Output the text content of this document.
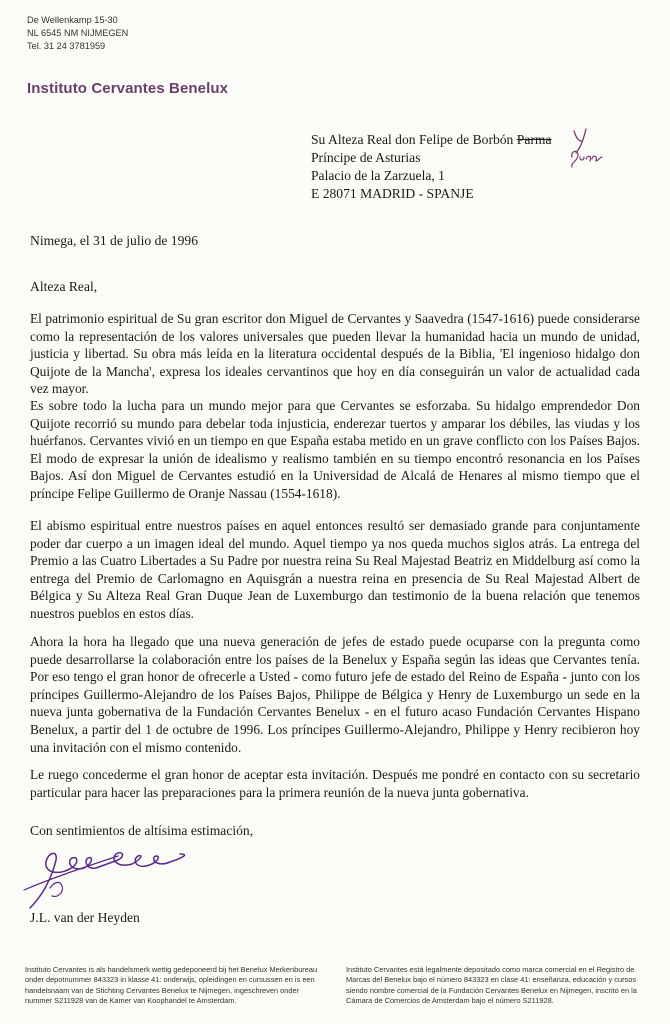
De Wellenkamp 15-30
NL 6545 NM NIJMEGEN
Tel. 31 24 3781959
Instituto Cervantes Benelux
Su Alteza Real don Felipe de Borbón Parma
Príncipe de Asturias
Palacio de la Zarzuela, 1
E 28071 MADRID - SPANJE
Nimega, el 31 de julio de 1996
Alteza Real,

El patrimonio espiritual de Su gran escritor don Miguel de Cervantes y Saavedra (1547-1616) puede considerarse como la representación de los valores universales que pueden llevar la humanidad hacia un mundo de unidad, justicia y libertad. Su obra más leída en la literatura occidental después de la Biblia, 'El ingenioso hidalgo don Quijote de la Mancha', expresa los ideales cervantinos que hoy en día conseguirán un valor de actualidad cada vez mayor.

Es sobre todo la lucha para un mundo mejor para que Cervantes se esforzaba. Su hidalgo emprendedor Don Quijote recorrió su mundo para debelar toda injusticia, enderezar tuertos y amparar los débiles, las viudas y los huérfanos. Cervantes vivió en un tiempo en que España estaba metido en un grave conflicto con los Países Bajos. El modo de expresar la unión de idealismo y realismo también en su tiempo encontró resonancia en los Países Bajos. Así don Miguel de Cervantes estudió en la Universidad de Alcalá de Henares al mismo tiempo que el príncipe Felipe Guillermo de Oranje Nassau (1554-1618).

El abismo espiritual entre nuestros países en aquel entonces resultó ser demasiado grande para conjuntamente poder dar cuerpo a un imagen ideal del mundo. Aquel tiempo ya nos queda muchos siglos atrás. La entrega del Premio a las Cuatro Libertades a Su Padre por nuestra reina Su Real Majestad Beatriz en Middelburg así como la entrega del Premio de Carlomagno en Aquisgrán a nuestra reina en presencia de Su Real Majestad Albert de Bélgica y Su Alteza Real Gran Duque Jean de Luxemburgo dan testimonio de la buena relación que tenemos nuestros pueblos en estos días.

Ahora la hora ha llegado que una nueva generación de jefes de estado puede ocuparse con la pregunta como puede desarrollarse la colaboración entre los países de la Benelux y España según las ideas que Cervantes tenía. Por eso tengo el gran honor de ofrecerle a Usted - como futuro jefe de estado del Reino de España - junto con los príncipes Guillermo-Alejandro de los Países Bajos, Philippe de Bélgica y Henry de Luxemburgo un sede en la nueva junta gobernativa de la Fundación Cervantes Benelux - en el futuro acaso Fundación Cervantes Hispano Benelux, a partir del 1 de octubre de 1996. Los príncipes Guillermo-Alejandro, Philippe y Henry recibieron hoy una invitación con el mismo contenido.

Le ruego concederme el gran honor de aceptar esta invitación. Después me pondré en contacto con su secretario particular para hacer las preparaciones para la primera reunión de la nueva junta gobernativa.

Con sentimientos de altísima estimación,
J.L. van der Heyden
Instituto Cervantes is als handelsmerk wettig gedeponeerd bij het Benelux Merkenbureau onder depotnummer 843323 in klasse 41: onderwijs, opleidingen en cursussen en is een handelsnaam van de Stichting Cervantes Benelux te Nijmegen, ingeschreven onder nummer S211928 van de Kamer van Koophandel te Amsterdam.
Instituto Cervantes está legalmente depositado como marca comercial en el Registro de Marcas del Benelux bajo el número 843323 en clase 41: enseñanza, educación y cursos siendo nombre comercial de la Fundación Cervantes Benelux en Nijmegen, inscrito en la Cámara de Comercios de Amsterdam bajo el número S211928.
